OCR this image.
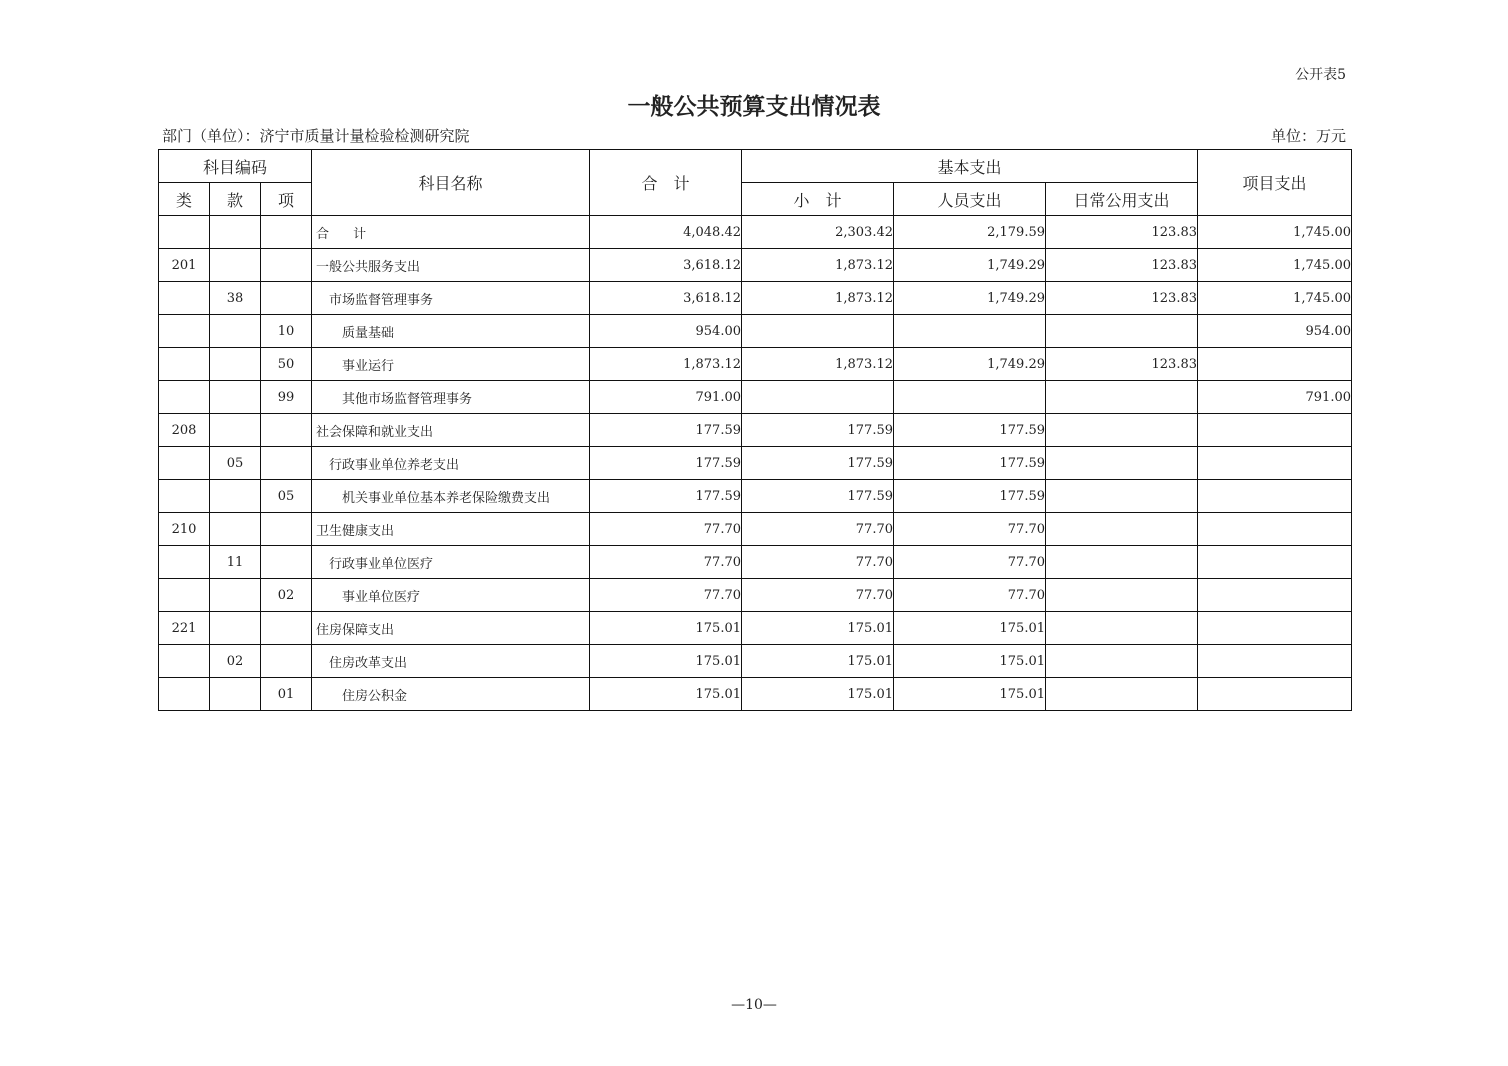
公开表5
一般公共预算支出情况表
部门（单位）：济宁市质量计量检验检测研究院	单位：万元
科目编码			科目名称	合　计	基本支出			项目支出
类	款	项			小　计	人员支出	日常公用支出	
			合 计	4,048.42	2,303.42	2,179.59	123.83	1,745.00
201			一般公共服务支出	3,618.12	1,873.12	1,749.29	123.83	1,745.00
	38		市场监督管理事务	3,618.12	1,873.12	1,749.29	123.83	1,745.00
		10	质量基础	954.00				954.00
		50	事业运行	1,873.12	1,873.12	1,749.29	123.83	
		99	其他市场监督管理事务	791.00				791.00
208			社会保障和就业支出	177.59	177.59	177.59		
	05		行政事业单位养老支出	177.59	177.59	177.59		
		05	机关事业单位基本养老保险缴费支出	177.59	177.59	177.59		
210			卫生健康支出	77.70	77.70	77.70		
	11		行政事业单位医疗	77.70	77.70	77.70		
		02	事业单位医疗	77.70	77.70	77.70		
221			住房保障支出	175.01	175.01	175.01		
	02		住房改革支出	175.01	175.01	175.01		
		01	住房公积金	175.01	175.01	175.01		
—10—
